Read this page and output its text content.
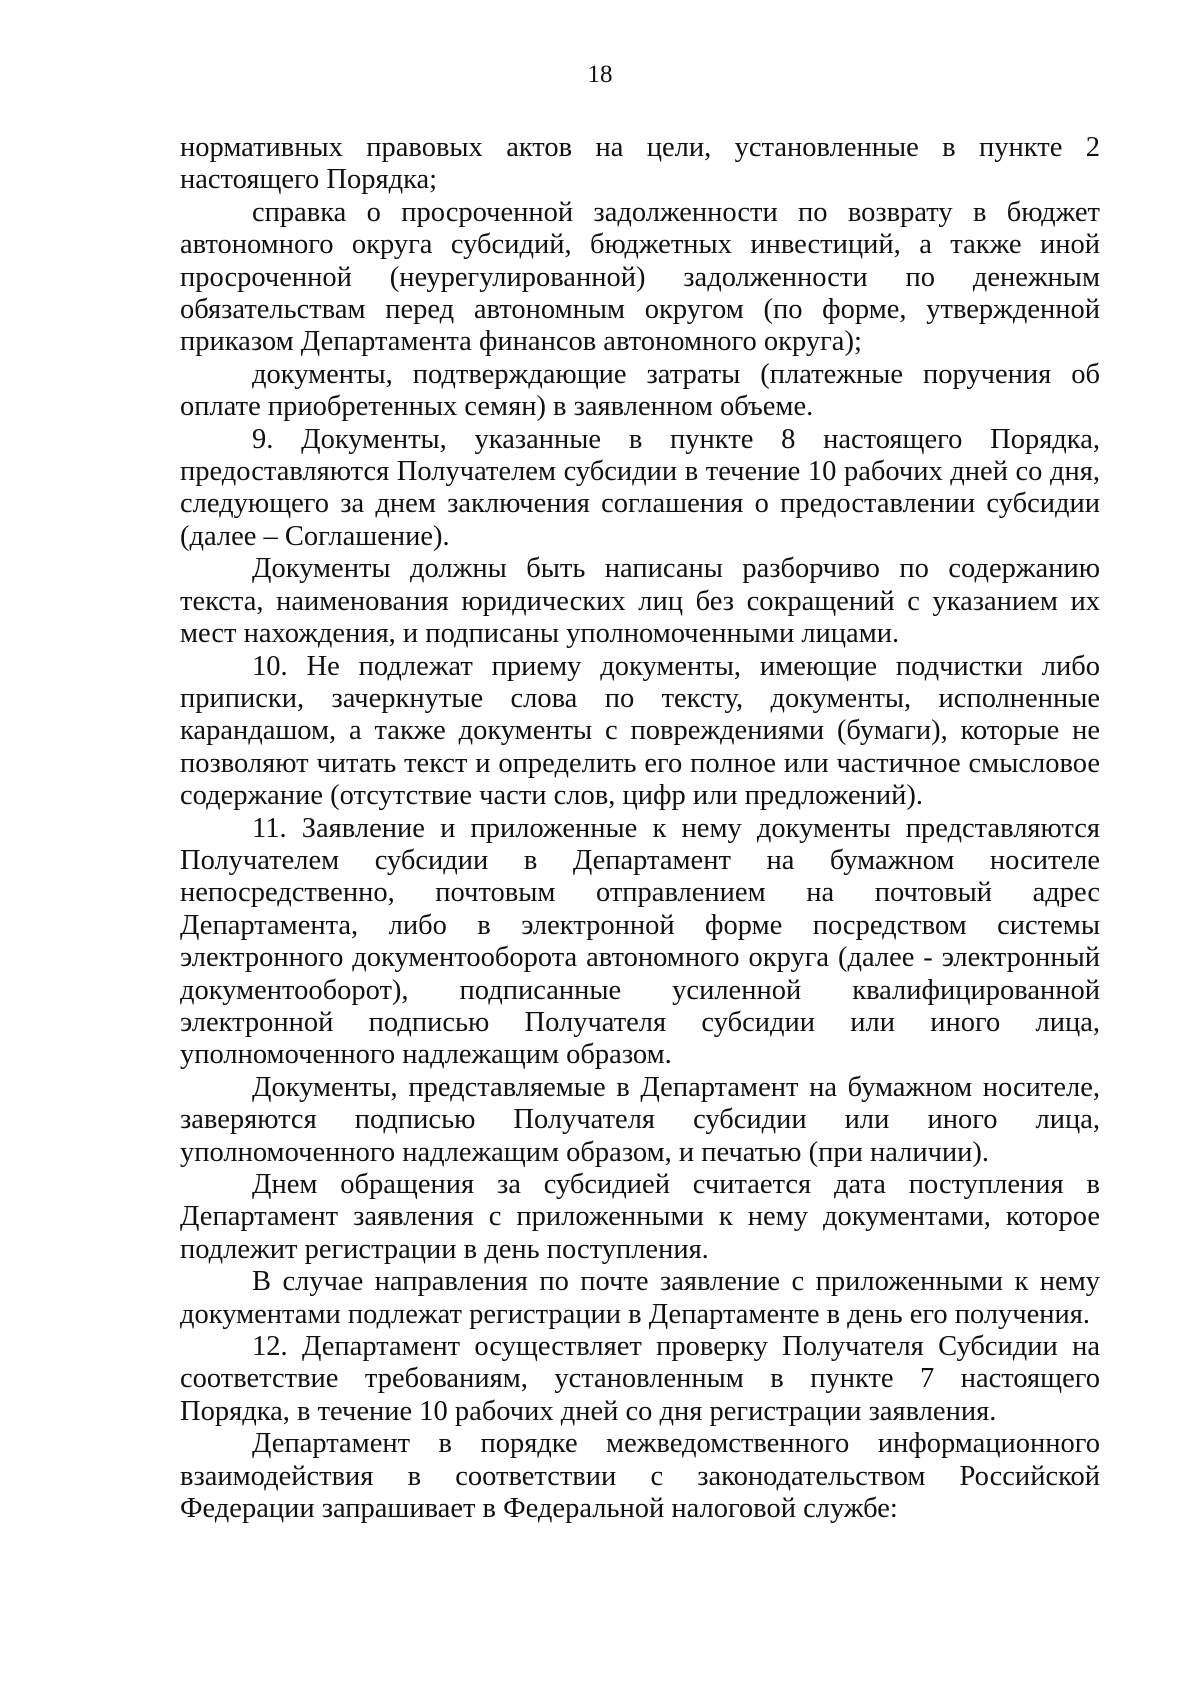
18

нормативных правовых актов на цели, установленные в пункте 2 настоящего Порядка;

справка о просроченной задолженности по возврату в бюджет автономного округа субсидий, бюджетных инвестиций, а также иной просроченной (неурегулированной) задолженности по денежным обязательствам перед автономным округом (по форме, утвержденной приказом Департамента финансов автономного округа);

документы, подтверждающие затраты (платежные поручения об оплате приобретенных семян) в заявленном объеме.

9. Документы, указанные в пункте 8 настоящего Порядка, предоставляются Получателем субсидии в течение 10 рабочих дней со дня, следующего за днем заключения соглашения о предоставлении субсидии (далее – Соглашение).

Документы должны быть написаны разборчиво по содержанию текста, наименования юридических лиц без сокращений с указанием их мест нахождения, и подписаны уполномоченными лицами.

10. Не подлежат приему документы, имеющие подчистки либо приписки, зачеркнутые слова по тексту, документы, исполненные карандашом, а также документы с повреждениями (бумаги), которые не позволяют читать текст и определить его полное или частичное смысловое содержание (отсутствие части слов, цифр или предложений).

11. Заявление и приложенные к нему документы представляются Получателем субсидии в Департамент на бумажном носителе непосредственно, почтовым отправлением на почтовый адрес Департамента, либо в электронной форме посредством системы электронного документооборота автономного округа (далее - электронный документооборот), подписанные усиленной квалифицированной электронной подписью Получателя субсидии или иного лица, уполномоченного надлежащим образом.

Документы, представляемые в Департамент на бумажном носителе, заверяются подписью Получателя субсидии или иного лица, уполномоченного надлежащим образом, и печатью (при наличии).

Днем обращения за субсидией считается дата поступления в Департамент заявления с приложенными к нему документами, которое подлежит регистрации в день поступления.

В случае направления по почте заявление с приложенными к нему документами подлежат регистрации в Департаменте в день его получения.

12. Департамент осуществляет проверку Получателя Субсидии на соответствие требованиям, установленным в пункте 7 настоящего Порядка, в течение 10 рабочих дней со дня регистрации заявления.

Департамент в порядке межведомственного информационного взаимодействия в соответствии с законодательством Российской Федерации запрашивает в Федеральной налоговой службе:
